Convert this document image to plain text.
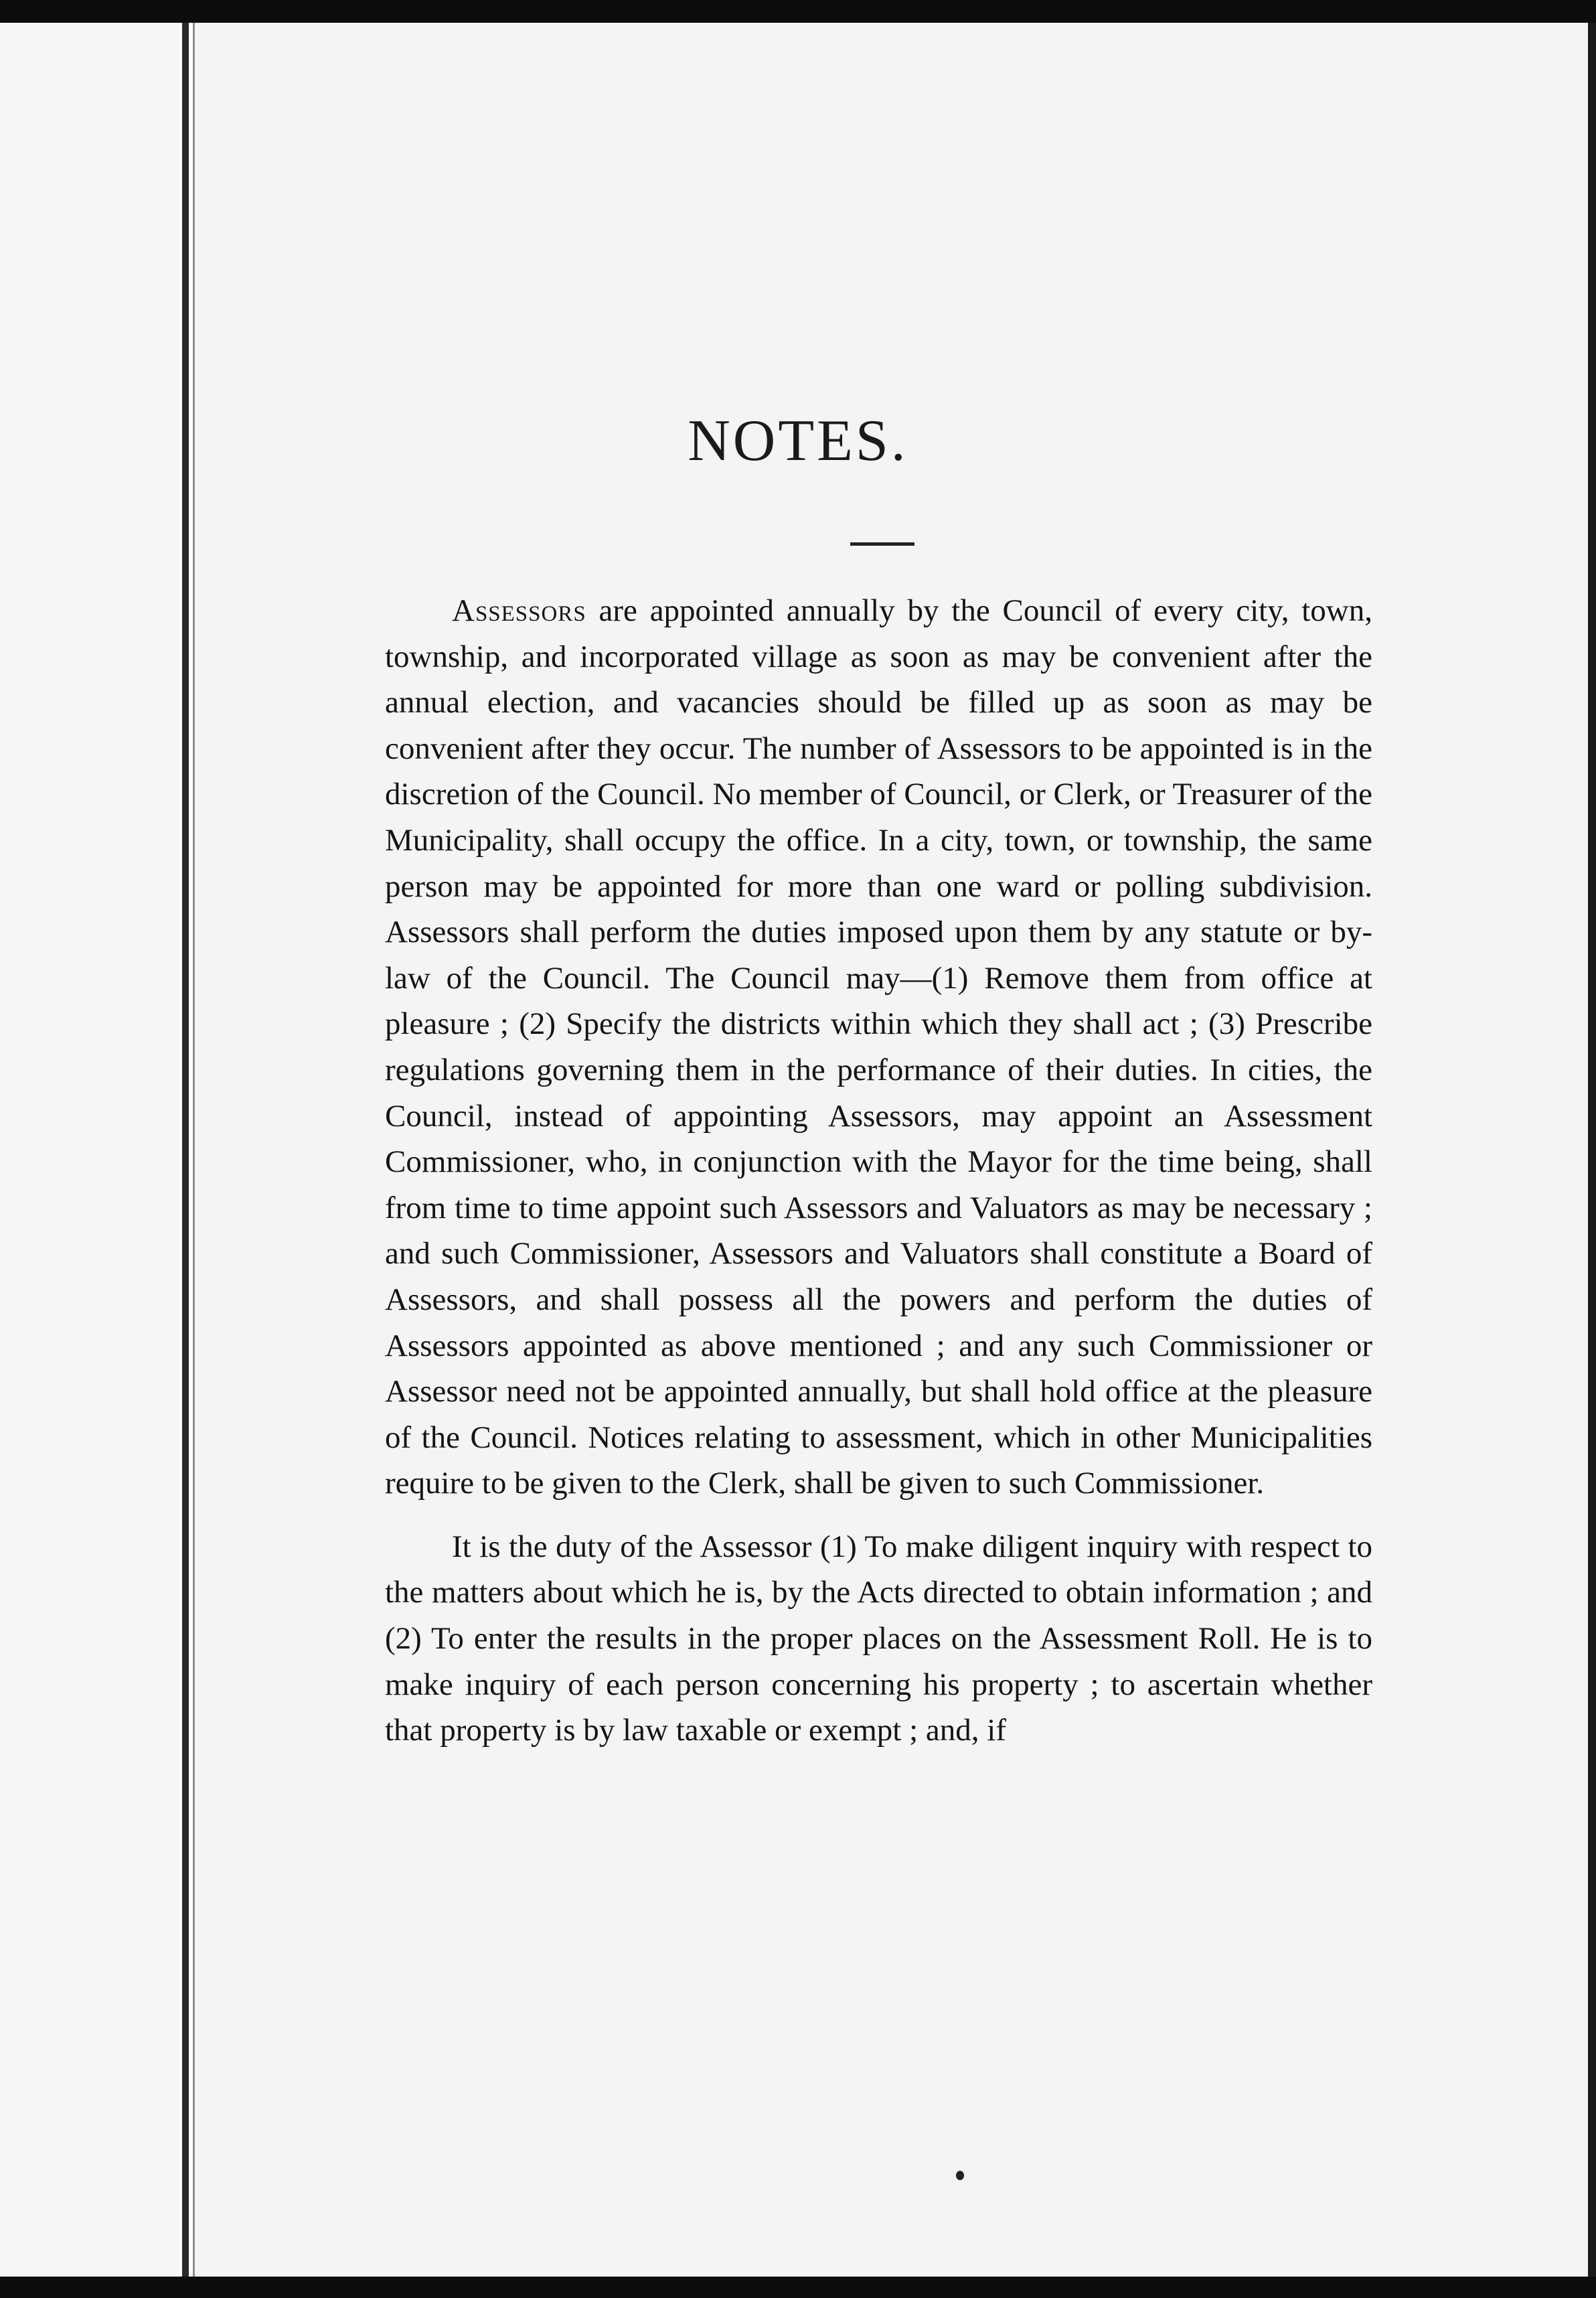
NOTES.

Assessors are appointed annually by the Council of every city, town, township, and incorporated village as soon as may be convenient after the annual election, and vacancies should be filled up as soon as may be convenient after they occur. The number of Assessors to be appointed is in the discretion of the Council. No member of Council, or Clerk, or Treasurer of the Municipality, shall occupy the office. In a city, town, or township, the same person may be appointed for more than one ward or polling subdivision. Assessors shall perform the duties imposed upon them by any statute or by-law of the Council. The Council may—(1) Remove them from office at pleasure ; (2) Specify the districts within which they shall act ; (3) Prescribe regulations governing them in the performance of their duties. In cities, the Council, instead of appointing Assessors, may appoint an Assessment Commissioner, who, in conjunction with the Mayor for the time being, shall from time to time appoint such Assessors and Valuators as may be necessary ; and such Commissioner, Assessors and Valuators shall constitute a Board of Assessors, and shall possess all the powers and perform the duties of Assessors appointed as above mentioned ; and any such Commissioner or Assessor need not be appointed annually, but shall hold office at the pleasure of the Council. Notices relating to assessment, which in other Municipalities require to be given to the Clerk, shall be given to such Commissioner.

It is the duty of the Assessor (1) To make diligent inquiry with respect to the matters about which he is, by the Acts directed to obtain information ; and (2) To enter the results in the proper places on the Assessment Roll. He is to make inquiry of each person concerning his property ; to ascertain whether that property is by law taxable or exempt ; and, if
